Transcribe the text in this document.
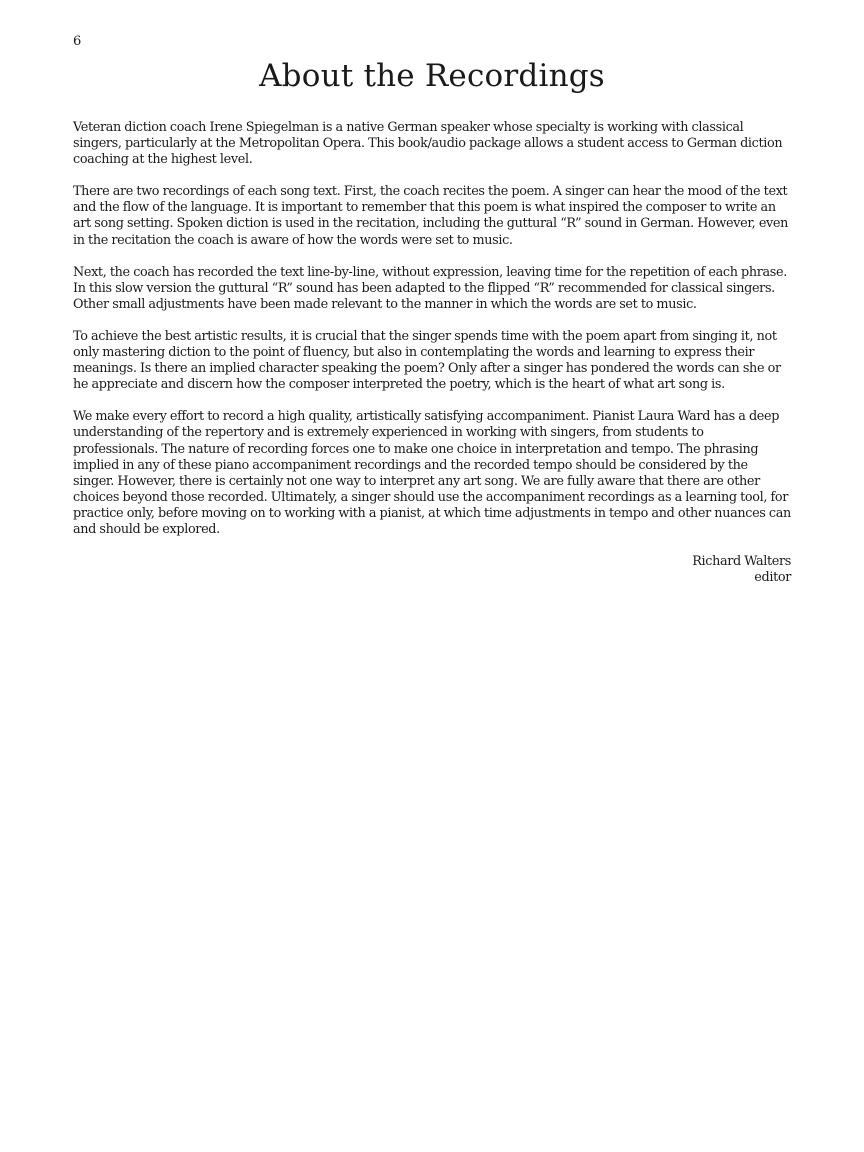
6
About the Recordings

Veteran diction coach Irene Spiegelman is a native German speaker whose specialty is working with classical singers, particularly at the Metropolitan Opera. This book/audio package allows a student access to German diction coaching at the highest level.

There are two recordings of each song text. First, the coach recites the poem. A singer can hear the mood of the text and the flow of the language. It is important to remember that this poem is what inspired the composer to write an art song setting. Spoken diction is used in the recitation, including the guttural “R” sound in German. However, even in the recitation the coach is aware of how the words were set to music.

Next, the coach has recorded the text line-by-line, without expression, leaving time for the repetition of each phrase. In this slow version the guttural “R” sound has been adapted to the flipped “R” recommended for classical singers. Other small adjustments have been made relevant to the manner in which the words are set to music.

To achieve the best artistic results, it is crucial that the singer spends time with the poem apart from singing it, not only mastering diction to the point of fluency, but also in contemplating the words and learning to express their meanings. Is there an implied character speaking the poem? Only after a singer has pondered the words can she or he appreciate and discern how the composer interpreted the poetry, which is the heart of what art song is.

We make every effort to record a high quality, artistically satisfying accompaniment. Pianist Laura Ward has a deep understanding of the repertory and is extremely experienced in working with singers, from students to professionals. The nature of recording forces one to make one choice in interpretation and tempo. The phrasing implied in any of these piano accompaniment recordings and the recorded tempo should be considered by the singer. However, there is certainly not one way to interpret any art song. We are fully aware that there are other choices beyond those recorded. Ultimately, a singer should use the accompaniment recordings as a learning tool, for practice only, before moving on to working with a pianist, at which time adjustments in tempo and other nuances can and should be explored.

Richard Walters
editor
